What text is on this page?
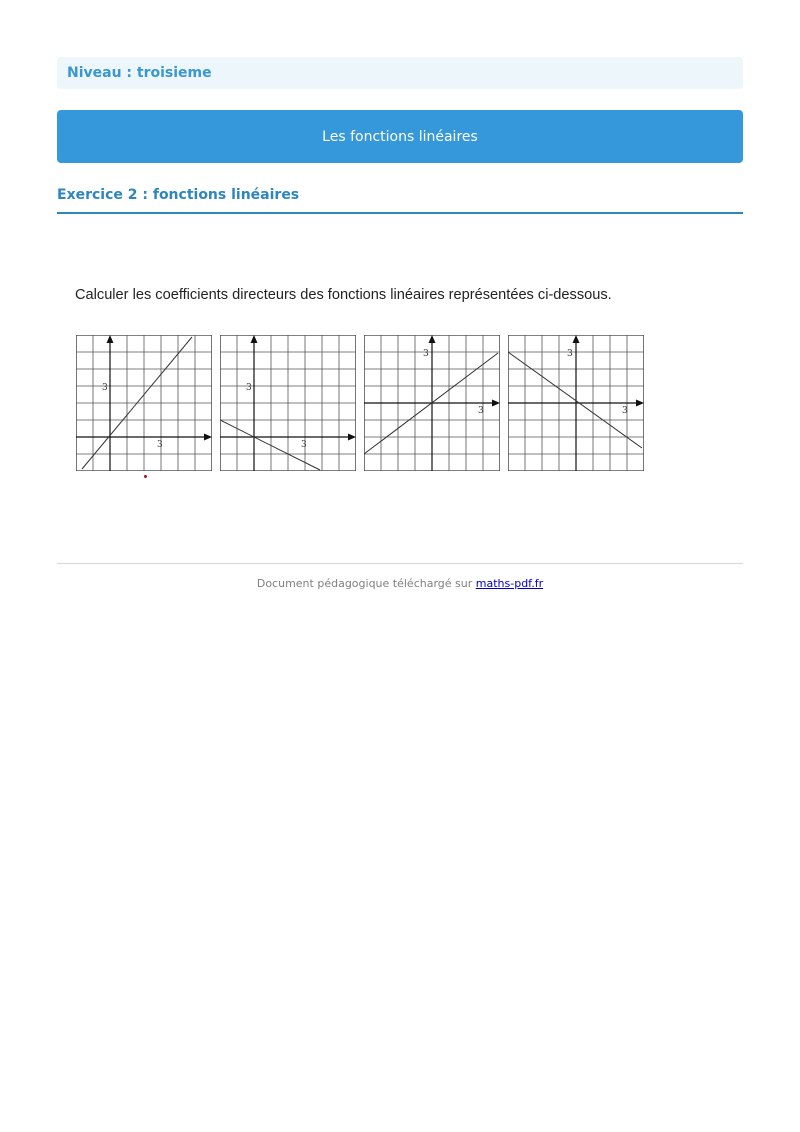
Niveau : troisieme
Les fonctions linéaires
Exercice 2 : fonctions linéaires
Calculer les coefficients directeurs des fonctions linéaires représentées ci-dessous.
3
3
3
3
3
3
3
3
Document pédagogique téléchargé sur maths-pdf.fr
